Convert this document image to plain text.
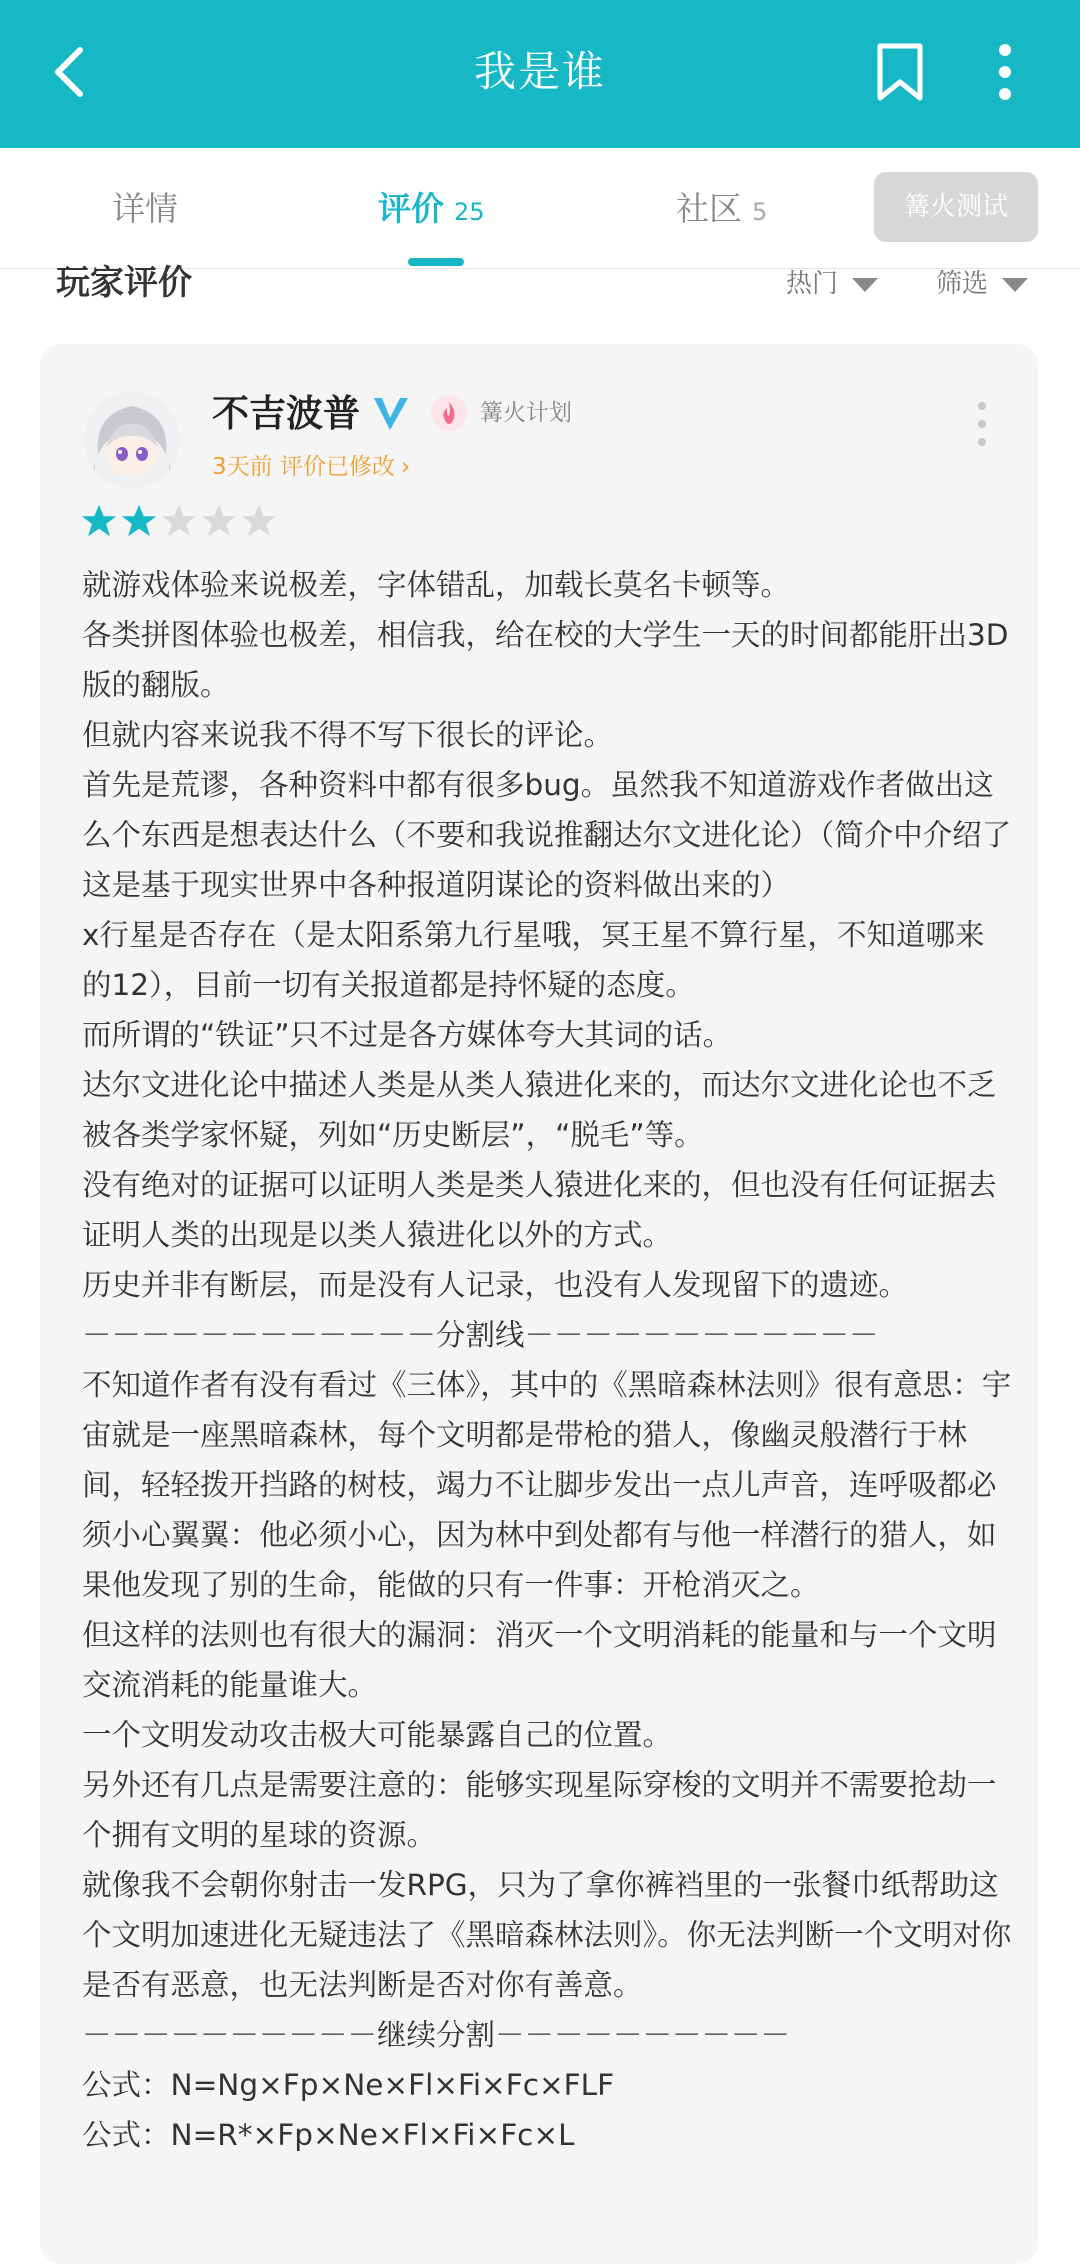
我是谁
详情	评价 25	社区 5	篝火测试
玩家评价	热门	筛选
不吉波普	篝火计划
3天前 评价已修改 ›

就游戏体验来说极差，字体错乱，加载长莫名卡顿等。

各类拼图体验也极差，相信我，给在校的大学生一天的时间都能肝出3D版的翻版。

但就内容来说我不得不写下很长的评论。

首先是荒谬，各种资料中都有很多bug。虽然我不知道游戏作者做出这么个东西是想表达什么（不要和我说推翻达尔文进化论）（简介中介绍了这是基于现实世界中各种报道阴谋论的资料做出来的）

x行星是否存在（是太阳系第九行星哦，冥王星不算行星，不知道哪来的12），目前一切有关报道都是持怀疑的态度。

而所谓的“铁证”只不过是各方媒体夸大其词的话。

达尔文进化论中描述人类是从类人猿进化来的，而达尔文进化论也不乏被各类学家怀疑，列如“历史断层”，“脱毛”等。

没有绝对的证据可以证明人类是类人猿进化来的，但也没有任何证据去证明人类的出现是以类人猿进化以外的方式。

历史并非有断层，而是没有人记录，也没有人发现留下的遗迹。

－－－－－－－－－－－－分割线－－－－－－－－－－－－

不知道作者有没有看过《三体》，其中的《黑暗森林法则》很有意思：宇宙就是一座黑暗森林，每个文明都是带枪的猎人，像幽灵般潜行于林间，轻轻拨开挡路的树枝，竭力不让脚步发出一点儿声音，连呼吸都必须小心翼翼：他必须小心，因为林中到处都有与他一样潜行的猎人，如果他发现了别的生命，能做的只有一件事：开枪消灭之。

但这样的法则也有很大的漏洞：消灭一个文明消耗的能量和与一个文明交流消耗的能量谁大。

一个文明发动攻击极大可能暴露自己的位置。

另外还有几点是需要注意的：能够实现星际穿梭的文明并不需要抢劫一个拥有文明的星球的资源。

就像我不会朝你射击一发RPG，只为了拿你裤裆里的一张餐巾纸帮助这个文明加速进化无疑违法了《黑暗森林法则》。你无法判断一个文明对你是否有恶意，也无法判断是否对你有善意。

－－－－－－－－－－继续分割－－－－－－－－－－

公式：N=Ng×Fp×Ne×Fl×Fi×Fc×FLF

公式：N=R*×Fp×Ne×Fl×Fi×Fc×L
